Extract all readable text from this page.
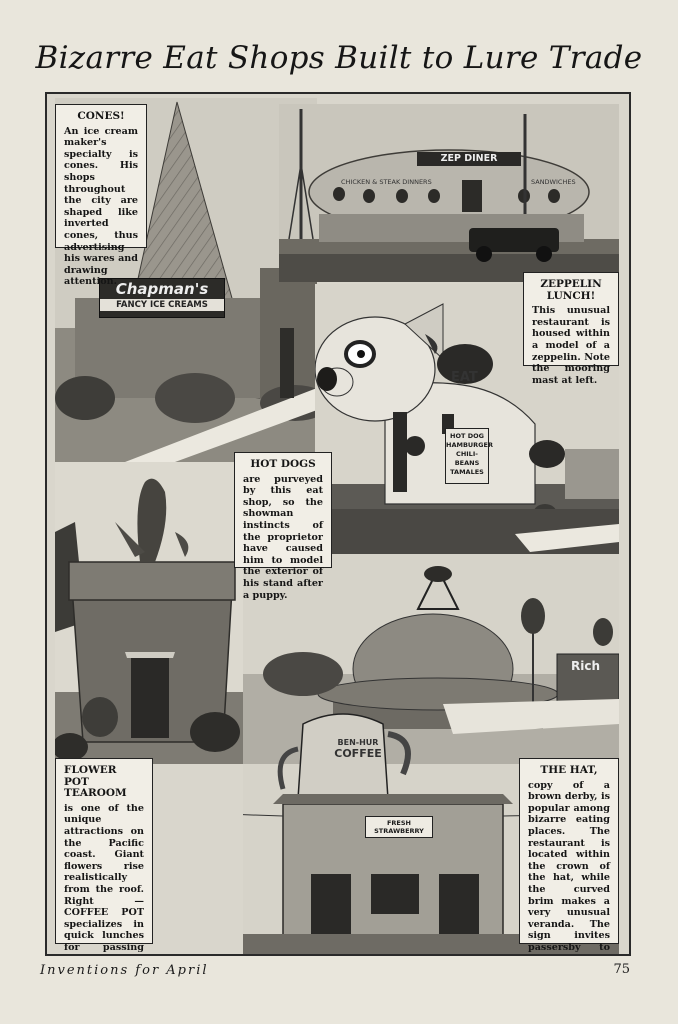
Bizarre Eat Shops Built to Lure Trade
Chapman's
FANCY ICE CREAMS
ZEP DINER
CHICKEN & STEAK DINNERS	SANDWICHES
EAT
HOT DOG
HAMBURGER
CHILI-BEANS
TAMALES
BEN-HUR
COFFEE
FRESH STRAWBERRY
Rich
CONES!
An ice cream maker's specialty is cones. His shops throughout the city are shaped like inverted cones, thus advertising his wares and drawing attention.	ZEPPELIN LUNCH!
This unusual restaurant is housed within a model of a zeppelin. Note the mooring mast at left.
HOT DOGS
are purveyed by this eat shop, so the showman instincts of the proprietor have caused him to model the exterior of his stand after a puppy.
FLOWER POT TEAROOM
is one of the unique attractions on the Pacific coast. Giant flowers rise realistically from the roof. Right — COFFEE POT specializes in quick lunches for passing
THE HAT,
copy of a brown derby, is popular among bizarre eating places. The restaurant is located within the crown of the hat, while the curved brim makes a very unusual veranda. The sign invites passersby to
Inventions for April	75
